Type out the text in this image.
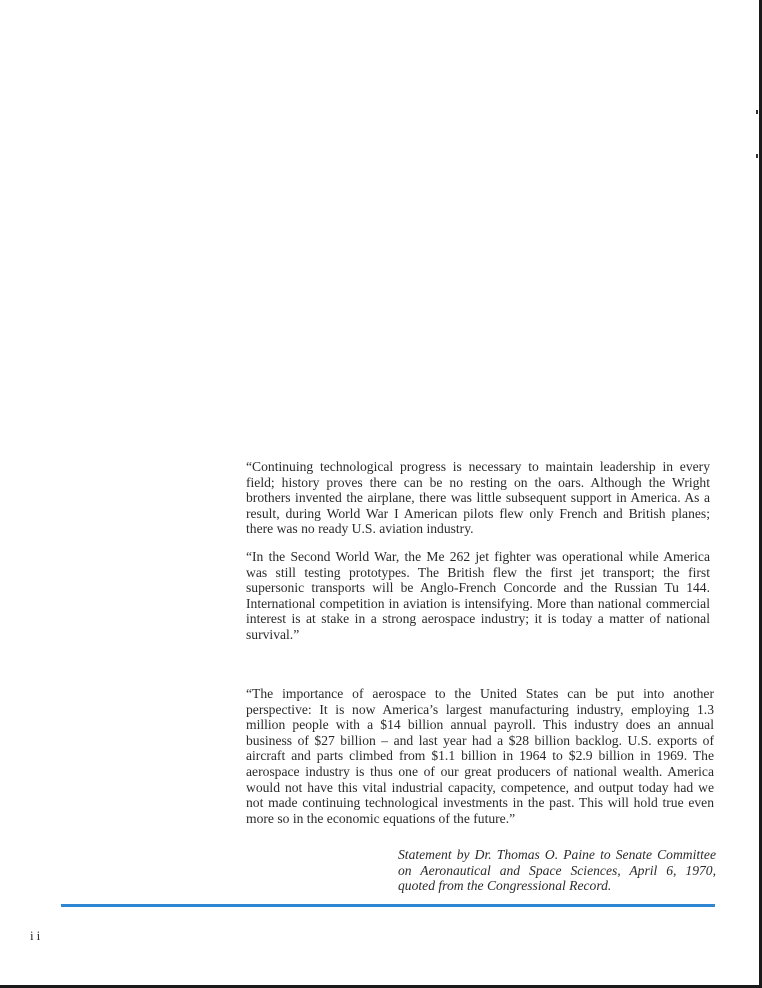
“Continuing technological progress is necessary to maintain leadership in every field; history proves there can be no resting on the oars. Although the Wright brothers invented the airplane, there was little subsequent support in America. As a result, during World War I American pilots flew only French and British planes; there was no ready U.S. aviation industry.

“In the Second World War, the Me 262 jet fighter was operational while America was still testing prototypes. The British flew the first jet transport; the first supersonic transports will be Anglo-French Concorde and the Russian Tu 144. International competition in aviation is intensifying. More than national commercial interest is at stake in a strong aerospace industry; it is today a matter of national survival.”

“The importance of aerospace to the United States can be put into another perspective: It is now America’s largest manufacturing industry, employing 1.3 million people with a $14 billion annual payroll. This industry does an annual business of $27 billion – and last year had a $28 billion backlog. U.S. exports of aircraft and parts climbed from $1.1 billion in 1964 to $2.9 billion in 1969. The aerospace industry is thus one of our great producers of national wealth. America would not have this vital industrial capacity, competence, and output today had we not made continuing technological investments in the past. This will hold true even more so in the economic equations of the future.”

Statement by Dr. Thomas O. Paine to Senate Committee on Aeronautical and Space Sciences, April 6, 1970, quoted from the Congressional Record.

ii
